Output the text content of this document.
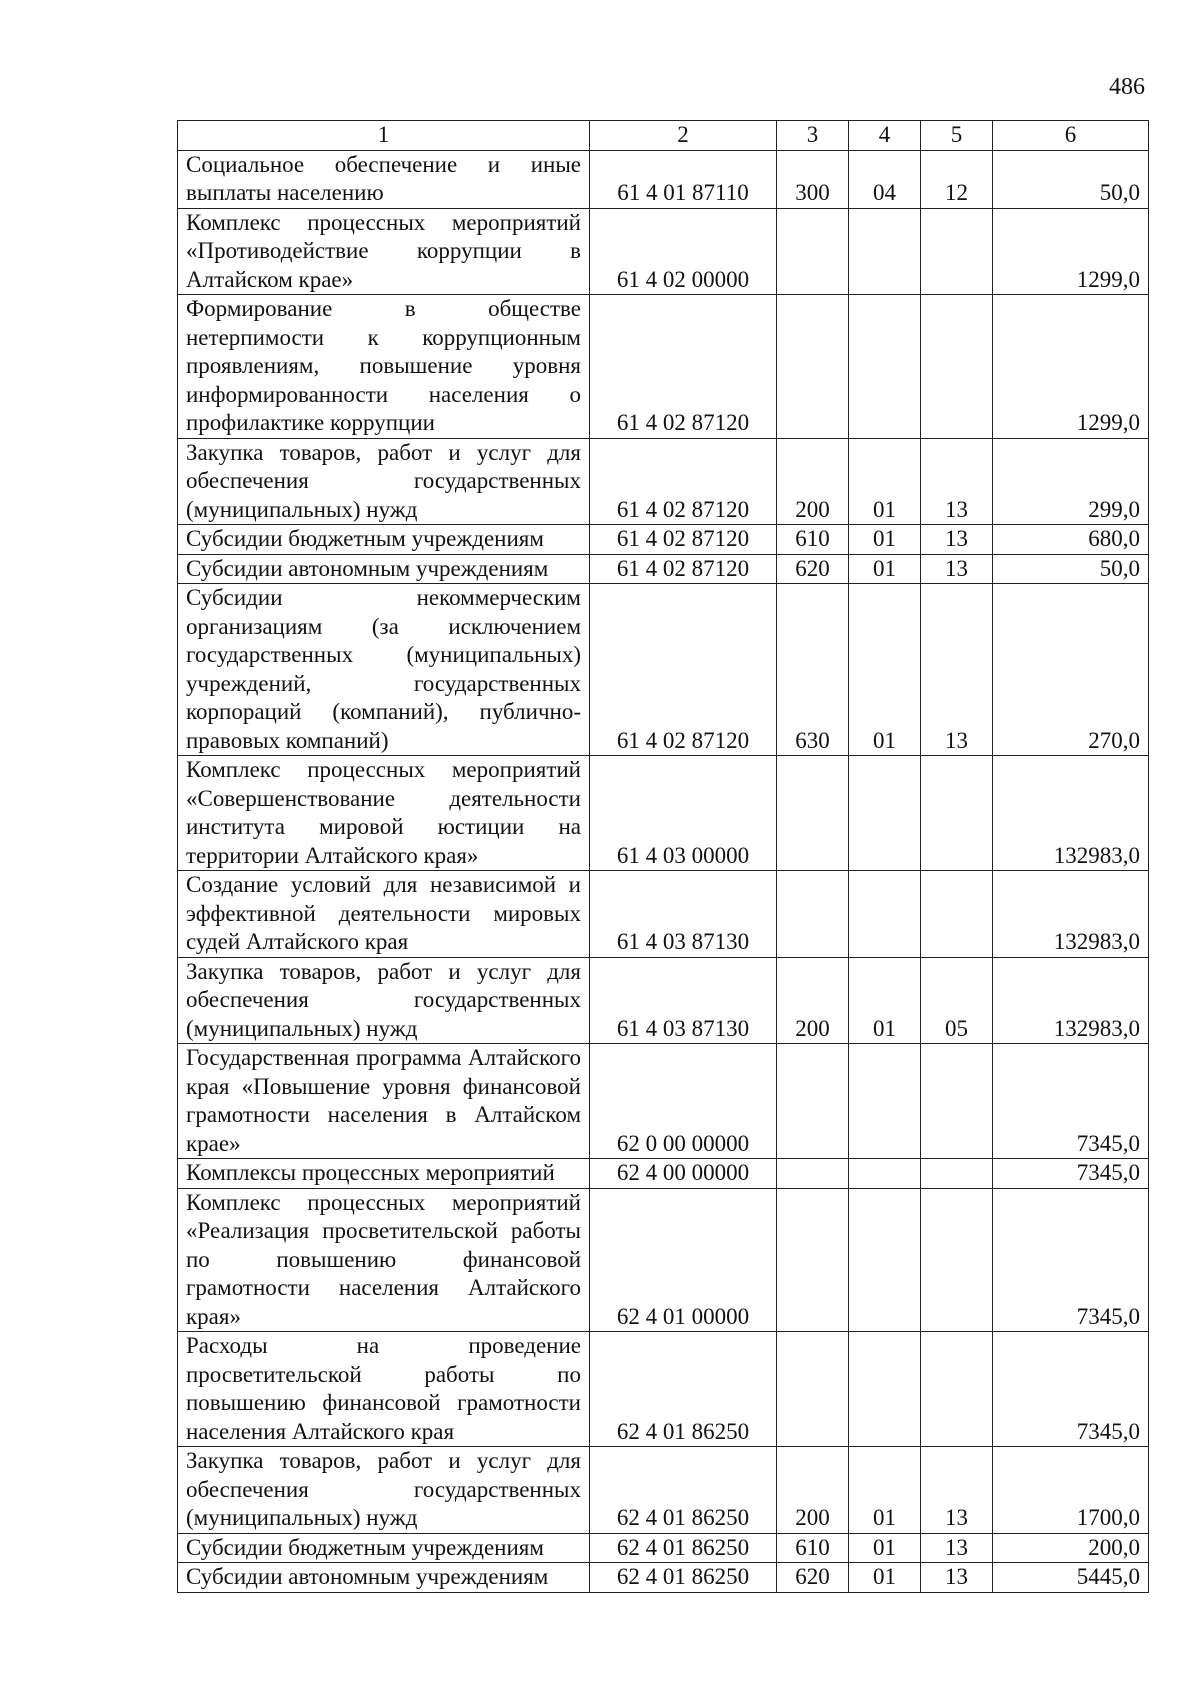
486
1	2	3	4	5	6
Социальное обеспечение и иные выплаты населению	61 4 01 87110	300	04	12	50,0
Комплекс процессных мероприятий «Противодействие коррупции в Алтайском крае»	61 4 02 00000				1299,0
Формирование в обществе нетерпимости к коррупционным проявлениям, повышение уровня информированности населения о профилактике коррупции	61 4 02 87120				1299,0
Закупка товаров, работ и услуг для обеспечения государственных (муниципальных) нужд	61 4 02 87120	200	01	13	299,0
Субсидии бюджетным учреждениям	61 4 02 87120	610	01	13	680,0
Субсидии автономным учреждениям	61 4 02 87120	620	01	13	50,0
Субсидии некоммерческим организациям (за исключением государственных (муниципальных) учреждений, государственных корпораций (компаний), публично-правовых компаний)	61 4 02 87120	630	01	13	270,0
Комплекс процессных мероприятий «Совершенствование деятельности института мировой юстиции на территории Алтайского края»	61 4 03 00000				132983,0
Создание условий для независимой и эффективной деятельности мировых судей Алтайского края	61 4 03 87130				132983,0
Закупка товаров, работ и услуг для обеспечения государственных (муниципальных) нужд	61 4 03 87130	200	01	05	132983,0
Государственная программа Алтайского края «Повышение уровня финансовой грамотности населения в Алтайском крае»	62 0 00 00000				7345,0
Комплексы процессных мероприятий	62 4 00 00000				7345,0
Комплекс процессных мероприятий «Реализация просветительской работы по повышению финансовой грамотности населения Алтайского края»	62 4 01 00000				7345,0
Расходы на проведение просветительской работы по повышению финансовой грамотности населения Алтайского края	62 4 01 86250				7345,0
Закупка товаров, работ и услуг для обеспечения государственных (муниципальных) нужд	62 4 01 86250	200	01	13	1700,0
Субсидии бюджетным учреждениям	62 4 01 86250	610	01	13	200,0
Субсидии автономным учреждениям	62 4 01 86250	620	01	13	5445,0
